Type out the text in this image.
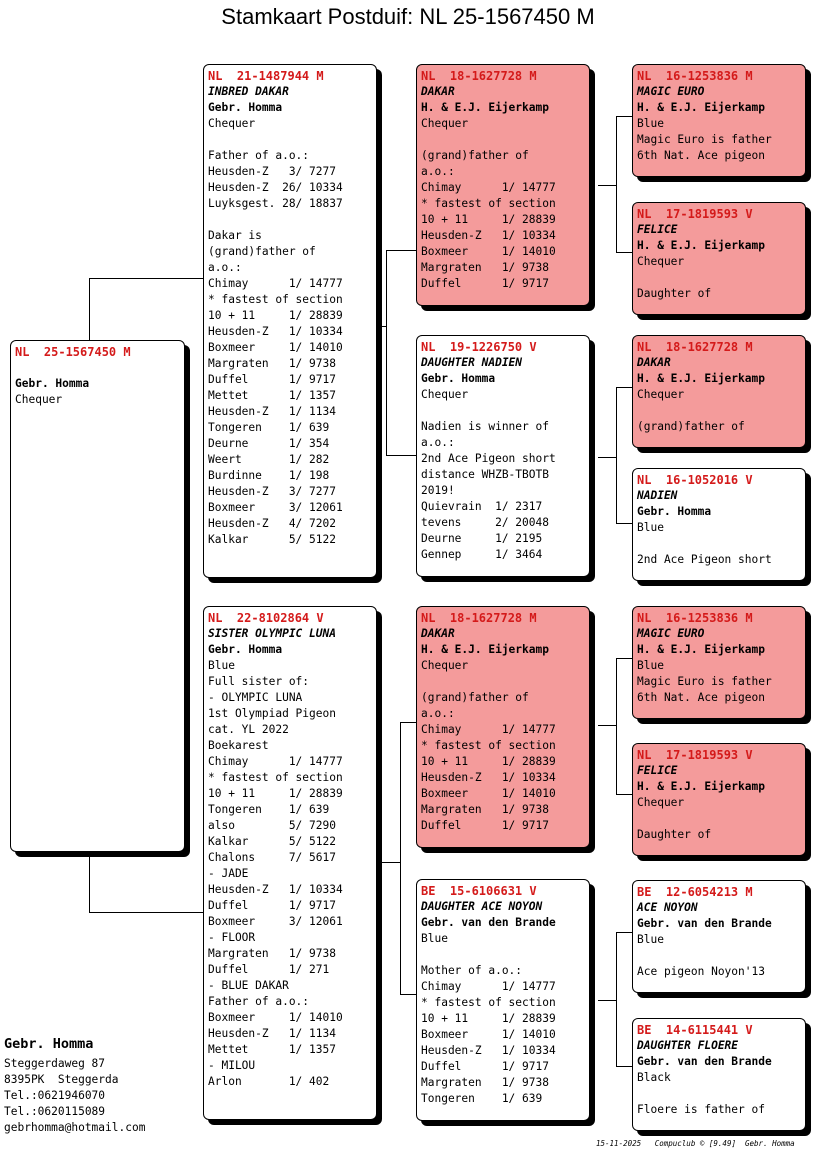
Stamkaart Postduif: NL 25-1567450 M
NL  25-1567450 M
Gebr. Homma
Chequer
NL  21-1487944 M
INBRED DAKAR
Gebr. Homma
Chequer
Father of a.o.:
Heusden-Z   3/ 7277
Heusden-Z  26/ 10334
Luyksgest. 28/ 18837
Dakar is
(grand)father of
a.o.:
Chimay      1/ 14777
* fastest of section
10 + 11     1/ 28839
Heusden-Z   1/ 10334
Boxmeer     1/ 14010
Margraten   1/ 9738
Duffel      1/ 9717
Mettet      1/ 1357
Heusden-Z   1/ 1134
Tongeren    1/ 639
Deurne      1/ 354
Weert       1/ 282
Burdinne    1/ 198
Heusden-Z   3/ 7277
Boxmeer     3/ 12061
Heusden-Z   4/ 7202
Kalkar      5/ 5122
NL  22-8102864 V
SISTER OLYMPIC LUNA
Gebr. Homma
Blue
Full sister of:
- OLYMPIC LUNA
1st Olympiad Pigeon
cat. YL 2022
Boekarest
Chimay      1/ 14777
* fastest of section
10 + 11     1/ 28839
Tongeren    1/ 639
also        5/ 7290
Kalkar      5/ 5122
Chalons     7/ 5617
- JADE
Heusden-Z   1/ 10334
Duffel      1/ 9717
Boxmeer     3/ 12061
- FLOOR
Margraten   1/ 9738
Duffel      1/ 271
- BLUE DAKAR
Father of a.o.:
Boxmeer     1/ 14010
Heusden-Z   1/ 1134
Mettet      1/ 1357
- MILOU
Arlon       1/ 402
NL  18-1627728 M
DAKAR
H. & E.J. Eijerkamp
Chequer
(grand)father of
a.o.:
Chimay      1/ 14777
* fastest of section
10 + 11     1/ 28839
Heusden-Z   1/ 10334
Boxmeer     1/ 14010
Margraten   1/ 9738
Duffel      1/ 9717
NL  19-1226750 V
DAUGHTER NADIEN
Gebr. Homma
Chequer
Nadien is winner of
a.o.:
2nd Ace Pigeon short
distance WHZB-TBOTB
2019!
Quievrain  1/ 2317
tevens     2/ 20048
Deurne     1/ 2195
Gennep     1/ 3464
NL  18-1627728 M
DAKAR
H. & E.J. Eijerkamp
Chequer
(grand)father of
a.o.:
Chimay      1/ 14777
* fastest of section
10 + 11     1/ 28839
Heusden-Z   1/ 10334
Boxmeer     1/ 14010
Margraten   1/ 9738
Duffel      1/ 9717
BE  15-6106631 V
DAUGHTER ACE NOYON
Gebr. van den Brande
Blue
Mother of a.o.:
Chimay      1/ 14777
* fastest of section
10 + 11     1/ 28839
Boxmeer     1/ 14010
Heusden-Z   1/ 10334
Duffel      1/ 9717
Margraten   1/ 9738
Tongeren    1/ 639
NL  16-1253836 M
MAGIC EURO
H. & E.J. Eijerkamp
Blue
Magic Euro is father
6th Nat. Ace pigeon
NL  17-1819593 V
FELICE
H. & E.J. Eijerkamp
Chequer
Daughter of
NL  18-1627728 M
DAKAR
H. & E.J. Eijerkamp
Chequer
(grand)father of
NL  16-1052016 V
NADIEN
Gebr. Homma
Blue
2nd Ace Pigeon short
NL  16-1253836 M
MAGIC EURO
H. & E.J. Eijerkamp
Blue
Magic Euro is father
6th Nat. Ace pigeon
NL  17-1819593 V
FELICE
H. & E.J. Eijerkamp
Chequer
Daughter of
BE  12-6054213 M
ACE NOYON
Gebr. van den Brande
Blue
Ace pigeon Noyon'13
BE  14-6115441 V
DAUGHTER FLOERE
Gebr. van den Brande
Black
Floere is father of
Gebr. Homma
Steggerdaweg 87
8395PK  Steggerda
Tel.:0621946070
Tel.:0620115089
gebrhomma@hotmail.com
15-11-2025   Compuclub © [9.49]  Gebr. Homma
